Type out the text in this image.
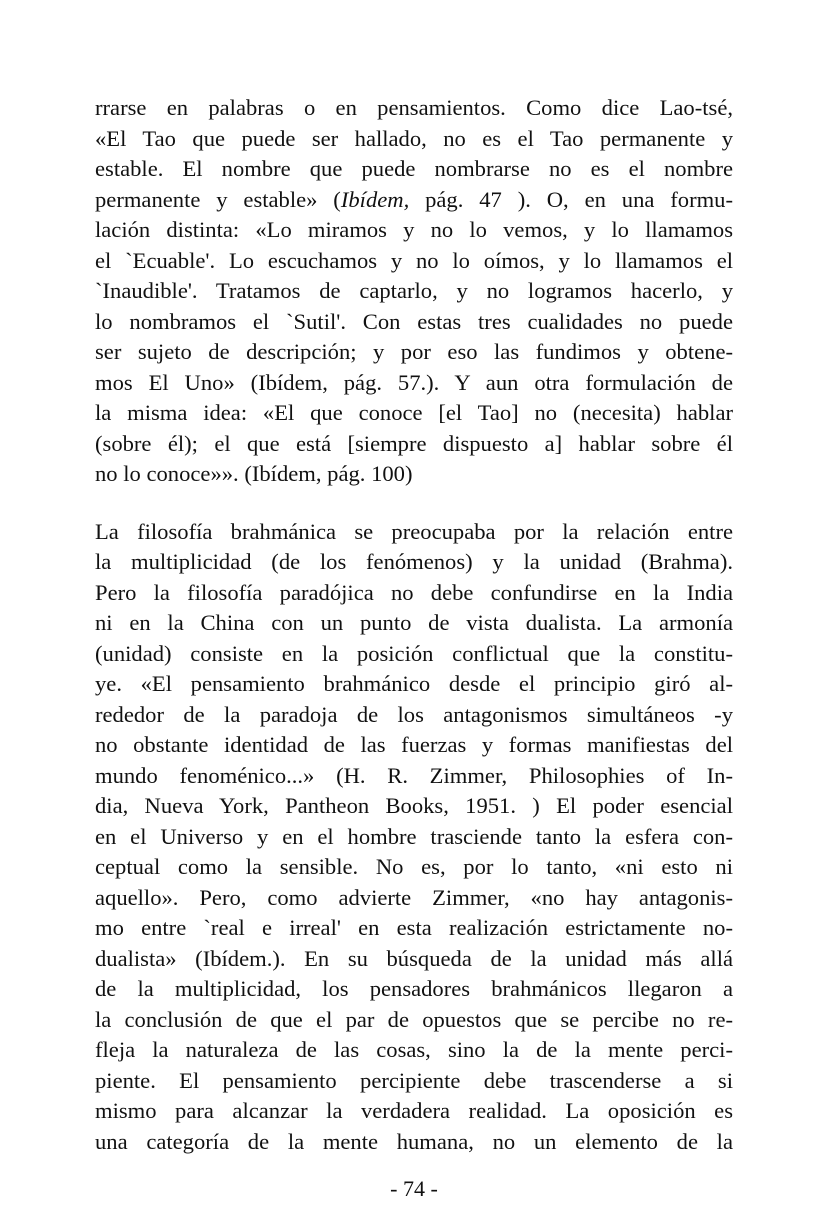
rrarse en palabras o en pensamientos. Como dice Lao-tsé,
«El Tao que puede ser hallado, no es el Tao permanente y
estable. El nombre que puede nombrarse no es el nombre
permanente y estable» (Ibídem, pág. 47 ). O, en una formu-
lación distinta: «Lo miramos y no lo vemos, y lo llamamos
el `Ecuable'. Lo escuchamos y no lo oímos, y lo llamamos el
`Inaudible'. Tratamos de captarlo, y no logramos hacerlo, y
lo nombramos el `Sutil'. Con estas tres cualidades no puede
ser sujeto de descripción; y por eso las fundimos y obtene-
mos El Uno» (Ibídem, pág. 57.). Y aun otra formulación de
la misma idea: «El que conoce [el Tao] no (necesita) hablar
(sobre él); el que está [siempre dispuesto a] hablar sobre él
no lo conoce»». (Ibídem, pág. 100)
La filosofía brahmánica se preocupaba por la relación entre
la multiplicidad (de los fenómenos) y la unidad (Brahma).
Pero la filosofía paradójica no debe confundirse en la India
ni en la China con un punto de vista dualista. La armonía
(unidad) consiste en la posición conflictual que la constitu-
ye. «El pensamiento brahmánico desde el principio giró al-
rededor de la paradoja de los antagonismos simultáneos -y
no obstante identidad de las fuerzas y formas manifiestas del
mundo fenoménico...» (H. R. Zimmer, Philosophies of In-
dia, Nueva York, Pantheon Books, 1951. ) El poder esencial
en el Universo y en el hombre trasciende tanto la esfera con-
ceptual como la sensible. No es, por lo tanto, «ni esto ni
aquello». Pero, como advierte Zimmer, «no hay antagonis-
mo entre `real e irreal' en esta realización estrictamente no-
dualista» (Ibídem.). En su búsqueda de la unidad más allá
de la multiplicidad, los pensadores brahmánicos llegaron a
la conclusión de que el par de opuestos que se percibe no re-
fleja la naturaleza de las cosas, sino la de la mente perci-
piente. El pensamiento percipiente debe trascenderse a si
mismo para alcanzar la verdadera realidad. La oposición es
una categoría de la mente humana, no un elemento de la
- 74 -
